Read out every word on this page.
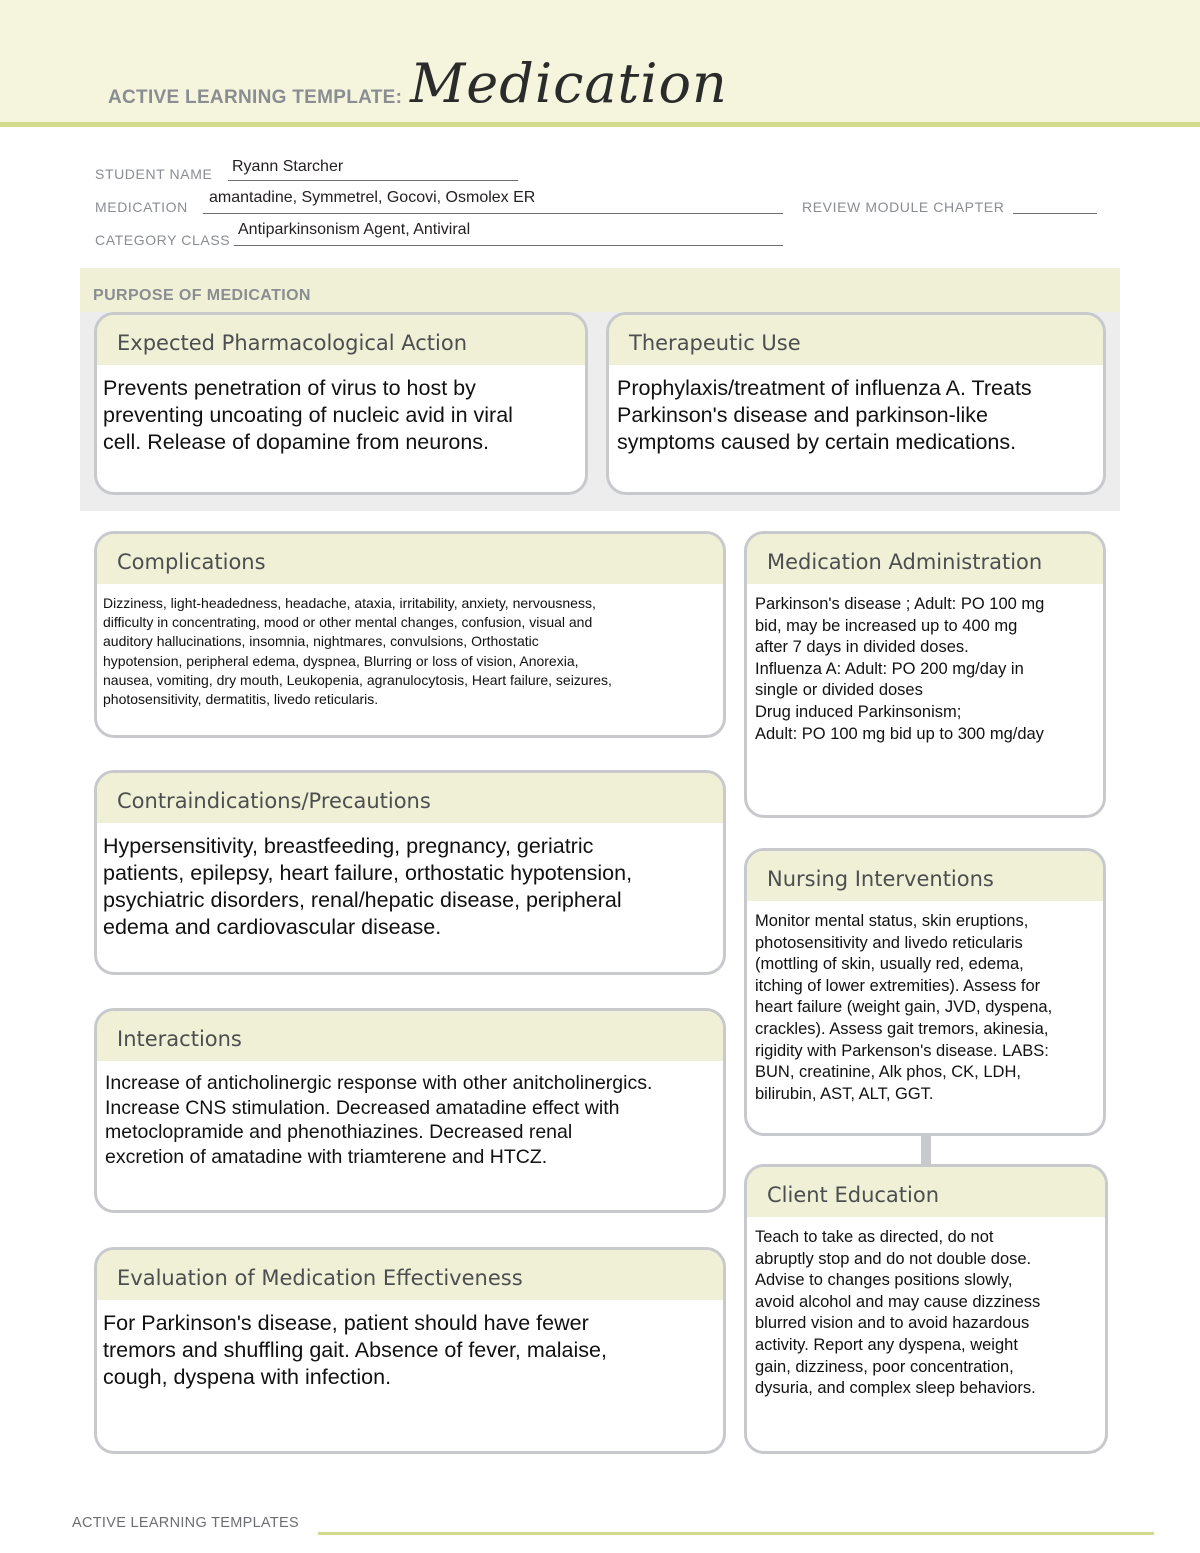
ACTIVE LEARNING TEMPLATE: Medication
STUDENT NAME Ryann Starcher
MEDICATION
amantadine, Symmetrel, Gocovi, Osmolex ER
REVIEW MODULE CHAPTER
CATEGORY CLASS
Antiparkinsonism Agent, Antiviral
PURPOSE OF MEDICATION
Expected Pharmacological Action
Prevents penetration of virus to host by
preventing uncoating of nucleic avid in viral
cell. Release of dopamine from neurons.
Therapeutic Use
Prophylaxis/treatment of influenza A. Treats
Parkinson's disease and parkinson-like
symptoms caused by certain medications.
Complications
Dizziness, light-headedness, headache, ataxia, irritability, anxiety, nervousness,
difficulty in concentrating, mood or other mental changes, confusion, visual and
auditory hallucinations, insomnia, nightmares, convulsions, Orthostatic
hypotension, peripheral edema, dyspnea, Blurring or loss of vision, Anorexia,
nausea, vomiting, dry mouth, Leukopenia, agranulocytosis, Heart failure, seizures,
photosensitivity, dermatitis, livedo reticularis.
Medication Administration
Parkinson's disease ; Adult: PO 100 mg
bid, may be increased up to 400 mg
after 7 days in divided doses.
Influenza A: Adult: PO 200 mg/day in
single or divided doses
Drug induced Parkinsonism;
Adult: PO 100 mg bid up to 300 mg/day
Contraindications/Precautions
Hypersensitivity, breastfeeding, pregnancy, geriatric
patients, epilepsy, heart failure, orthostatic hypotension,
psychiatric disorders, renal/hepatic disease, peripheral
edema and cardiovascular disease.
Nursing Interventions
Monitor mental status, skin eruptions,
photosensitivity and livedo reticularis
(mottling of skin, usually red, edema,
itching of lower extremities). Assess for
heart failure (weight gain, JVD, dyspena,
crackles). Assess gait tremors, akinesia,
rigidity with Parkenson's disease. LABS:
BUN, creatinine, Alk phos, CK, LDH,
bilirubin, AST, ALT, GGT.
Interactions
Increase of anticholinergic response with other anitcholinergics.
Increase CNS stimulation. Decreased amatadine effect with
metoclopramide and phenothiazines. Decreased renal
excretion of amatadine with triamterene and HTCZ.
Client Education
Teach to take as directed, do not
abruptly stop and do not double dose.
Advise to changes positions slowly,
avoid alcohol and may cause dizziness
blurred vision and to avoid hazardous
activity. Report any dyspena, weight
gain, dizziness, poor concentration,
dysuria, and complex sleep behaviors.
Evaluation of Medication Effectiveness
For Parkinson's disease, patient should have fewer
tremors and shuffling gait. Absence of fever, malaise,
cough, dyspena with infection.
ACTIVE LEARNING TEMPLATES
